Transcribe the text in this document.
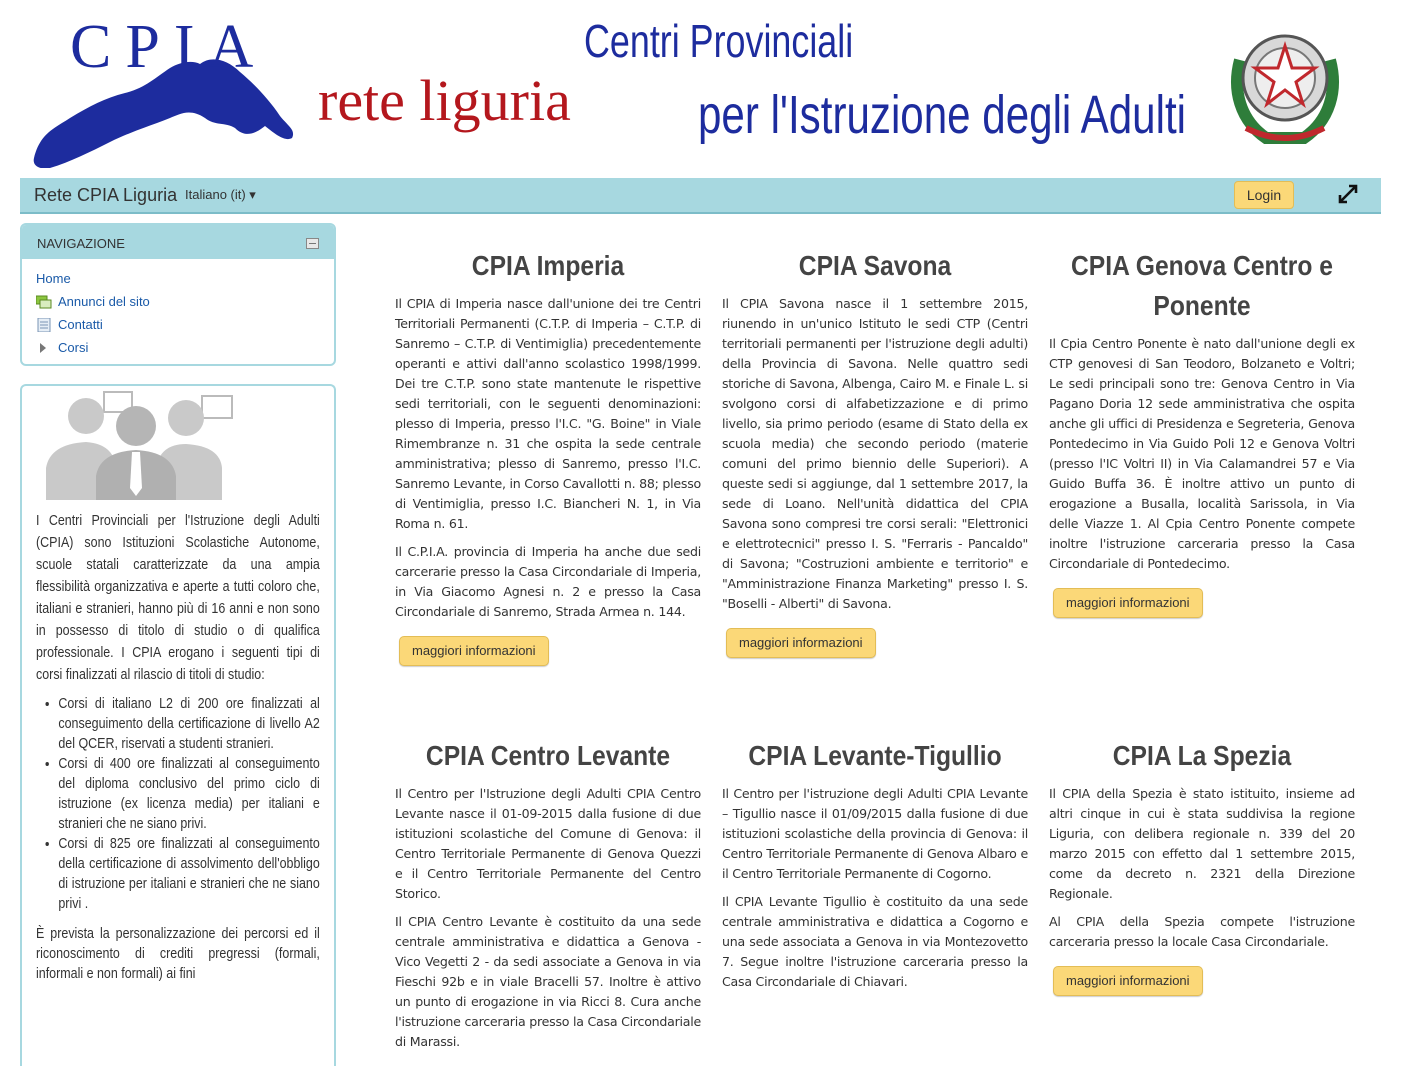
CPIA
rete liguria
Centri Provinciali
per l'Istruzione degli Adulti
Rete CPIA Liguria Italiano (it) ▾	Login
NAVIGAZIONE
Home
Annunci del sito
Contatti
Corsi

I Centri Provinciali per l'Istruzione degli Adulti (CPIA) sono Istituzioni Scolastiche Autonome, scuole statali caratterizzate da una ampia flessibilità organizzativa e aperte a tutti coloro che, italiani e stranieri, hanno più di 16 anni e non sono in possesso di titolo di studio o di qualifica professionale. I CPIA erogano i seguenti tipi di corsi finalizzati al rilascio di titoli di studio:

• Corsi di italiano L2 di 200 ore finalizzati al conseguimento della certificazione di livello A2 del QCER, riservati a studenti stranieri.
• Corsi di 400 ore finalizzati al conseguimento del diploma conclusivo del primo ciclo di istruzione (ex licenza media) per italiani e stranieri che ne siano privi.
• Corsi di 825 ore finalizzati al conseguimento della certificazione di assolvimento dell'obbligo di istruzione per italiani e stranieri che ne siano privi .
È prevista la personalizzazione dei percorsi ed il riconoscimento di crediti pregressi (formali, informali e non formali) ai fini
CPIA Imperia

Il CPIA di Imperia nasce dall'unione dei tre Centri Territoriali Permanenti (C.T.P. di Imperia – C.T.P. di Sanremo – C.T.P. di Ventimiglia) precedentemente operanti e attivi dall'anno scolastico 1998/1999. Dei tre C.T.P. sono state mantenute le rispettive sedi territoriali, con le seguenti denominazioni: plesso di Imperia, presso l'I.C. "G. Boine" in Viale Rimembranze n. 31 che ospita la sede centrale amministrativa; plesso di Sanremo, presso l'I.C. Sanremo Levante, in Corso Cavallotti n. 88; plesso di Ventimiglia, presso I.C. Biancheri N. 1, in Via Roma n. 61.

Il C.P.I.A. provincia di Imperia ha anche due sedi carcerarie presso la Casa Circondariale di Imperia, in Via Giacomo Agnesi n. 2 e presso la Casa Circondariale di Sanremo, Strada Armea n. 144.

maggiori informazioni
CPIA Savona

Il CPIA Savona nasce il 1 settembre 2015, riunendo in un'unico Istituto le sedi CTP (Centri territoriali permanenti per l'istruzione degli adulti) della Provincia di Savona. Nelle quattro sedi storiche di Savona, Albenga, Cairo M. e Finale L. si svolgono corsi di alfabetizzazione e di primo livello, sia primo periodo (esame di Stato della ex scuola media) che secondo periodo (materie comuni del primo biennio delle Superiori). A queste sedi si aggiunge, dal 1 settembre 2017, la sede di Loano. Nell'unità didattica del CPIA Savona sono compresi tre corsi serali: "Elettronici e elettrotecnici" presso I. S. "Ferraris - Pancaldo" di Savona; "Costruzioni ambiente e territorio" e "Amministrazione Finanza Marketing" presso I. S. "Boselli - Alberti" di Savona.

maggiori informazioni
CPIA Genova Centro e Ponente

Il Cpia Centro Ponente è nato dall'unione degli ex CTP genovesi di San Teodoro, Bolzaneto e Voltri; Le sedi principali sono tre: Genova Centro in Via Pagano Doria 12 sede amministrativa che ospita anche gli uffici di Presidenza e Segreteria, Genova Pontedecimo in Via Guido Poli 12 e Genova Voltri (presso l'IC Voltri II) in Via Calamandrei 57 e Via Guido Buffa 36. È inoltre attivo un punto di erogazione a Busalla, località Sarissola, in Via delle Viazze 1. Al Cpia Centro Ponente compete inoltre l'istruzione carceraria presso la Casa Circondariale di Pontedecimo.

maggiori informazioni
CPIA Centro Levante

Il Centro per l'Istruzione degli Adulti CPIA Centro Levante nasce il 01-09-2015 dalla fusione di due istituzioni scolastiche del Comune di Genova: il Centro Territoriale Permanente di Genova Quezzi e il Centro Territoriale Permanente del Centro Storico.

Il CPIA Centro Levante è costituito da una sede centrale amministrativa e didattica a Genova - Vico Vegetti 2 - da sedi associate a Genova in via Fieschi 92b e in viale Bracelli 57. Inoltre è attivo un punto di erogazione in via Ricci 8. Cura anche l'istruzione carceraria presso la Casa Circondariale di Marassi.

CPIA Levante-Tigullio

Il Centro per l'istruzione degli Adulti CPIA Levante – Tigullio nasce il 01/09/2015 dalla fusione di due istituzioni scolastiche della provincia di Genova: il Centro Territoriale Permanente di Genova Albaro e il Centro Territoriale Permanente di Cogorno.

Il CPIA Levante Tigullio è costituito da una sede centrale amministrativa e didattica a Cogorno e una sede associata a Genova in via Montezovetto 7. Segue inoltre l'istruzione carceraria presso la Casa Circondariale di Chiavari.

CPIA La Spezia

Il CPIA della Spezia è stato istituito, insieme ad altri cinque in cui è stata suddivisa la regione Liguria, con delibera regionale n. 339 del 20 marzo 2015 con effetto dal 1 settembre 2015, come da decreto n. 2321 della Direzione Regionale.

Al CPIA della Spezia compete l'istruzione carceraria presso la locale Casa Circondariale.

maggiori informazioni
